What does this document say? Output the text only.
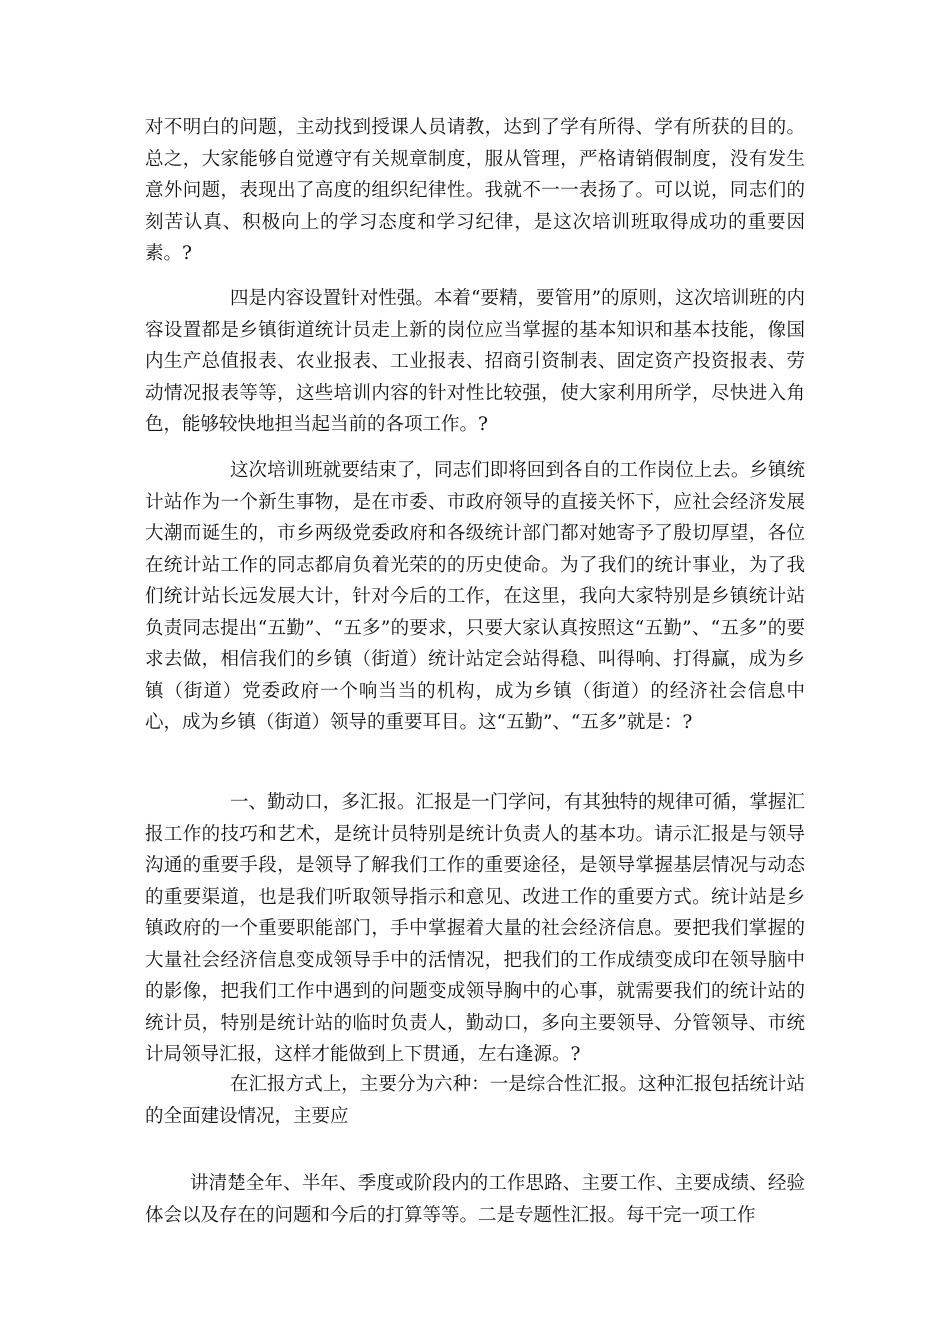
对不明白的问题，主动找到授课人员请教，达到了学有所得、学有所获的目的。总之，大家能够自觉遵守有关规章制度，服从管理，严格请销假制度，没有发生意外问题，表现出了高度的组织纪律性。我就不一一表扬了。可以说，同志们的刻苦认真、积极向上的学习态度和学习纪律，是这次培训班取得成功的重要因素。?

四是内容设置针对性强。本着“要精，要管用”的原则，这次培训班的内容设置都是乡镇街道统计员走上新的岗位应当掌握的基本知识和基本技能，像国内生产总值报表、农业报表、工业报表、招商引资制表、固定资产投资报表、劳动情况报表等等，这些培训内容的针对性比较强，使大家利用所学，尽快进入角色，能够较快地担当起当前的各项工作。?

这次培训班就要结束了，同志们即将回到各自的工作岗位上去。乡镇统计站作为一个新生事物，是在市委、市政府领导的直接关怀下，应社会经济发展大潮而诞生的，市乡两级党委政府和各级统计部门都对她寄予了殷切厚望，各位在统计站工作的同志都肩负着光荣的的历史使命。为了我们的统计事业，为了我们统计站长远发展大计，针对今后的工作，在这里，我向大家特别是乡镇统计站负责同志提出“五勤”、“五多”的要求，只要大家认真按照这“五勤”、“五多”的要求去做，相信我们的乡镇（街道）统计站定会站得稳、叫得响、打得赢，成为乡镇（街道）党委政府一个响当当的机构，成为乡镇（街道）的经济社会信息中心，成为乡镇（街道）领导的重要耳目。这“五勤”、“五多”就是：?

一、勤动口，多汇报。汇报是一门学问，有其独特的规律可循，掌握汇报工作的技巧和艺术，是统计员特别是统计负责人的基本功。请示汇报是与领导沟通的重要手段，是领导了解我们工作的重要途径，是领导掌握基层情况与动态的重要渠道，也是我们听取领导指示和意见、改进工作的重要方式。统计站是乡镇政府的一个重要职能部门，手中掌握着大量的社会经济信息。要把我们掌握的大量社会经济信息变成领导手中的活情况，把我们的工作成绩变成印在领导脑中的影像，把我们工作中遇到的问题变成领导胸中的心事，就需要我们的统计站的统计员，特别是统计站的临时负责人，勤动口，多向主要领导、分管领导、市统计局领导汇报，这样才能做到上下贯通，左右逢源。?

在汇报方式上，主要分为六种：一是综合性汇报。这种汇报包括统计站的全面建设情况，主要应

讲清楚全年、半年、季度或阶段内的工作思路、主要工作、主要成绩、经验体会以及存在的问题和今后的打算等等。二是专题性汇报。每干完一项工作
